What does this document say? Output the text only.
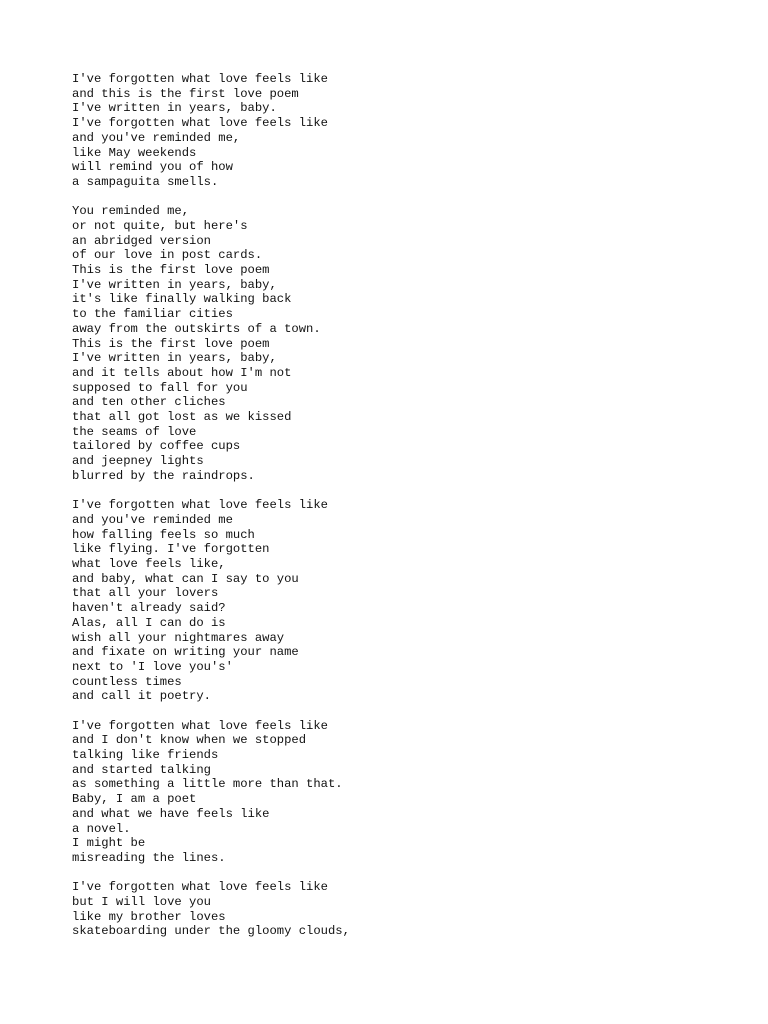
I've forgotten what love feels like
and this is the first love poem
I've written in years, baby.
I've forgotten what love feels like
and you've reminded me,
like May weekends
will remind you of how
a sampaguita smells.
You reminded me,
or not quite, but here's
an abridged version
of our love in post cards.
This is the first love poem
I've written in years, baby,
it's like finally walking back
to the familiar cities
away from the outskirts of a town.
This is the first love poem
I've written in years, baby,
and it tells about how I'm not
supposed to fall for you
and ten other cliches
that all got lost as we kissed
the seams of love
tailored by coffee cups
and jeepney lights
blurred by the raindrops.
I've forgotten what love feels like
and you've reminded me
how falling feels so much
like flying. I've forgotten
what love feels like,
and baby, what can I say to you
that all your lovers
haven't already said?
Alas, all I can do is
wish all your nightmares away
and fixate on writing your name
next to 'I love you's'
countless times
and call it poetry.
I've forgotten what love feels like
and I don't know when we stopped
talking like friends
and started talking
as something a little more than that.
Baby, I am a poet
and what we have feels like
a novel.
I might be
misreading the lines.
I've forgotten what love feels like
but I will love you
like my brother loves
skateboarding under the gloomy clouds,
